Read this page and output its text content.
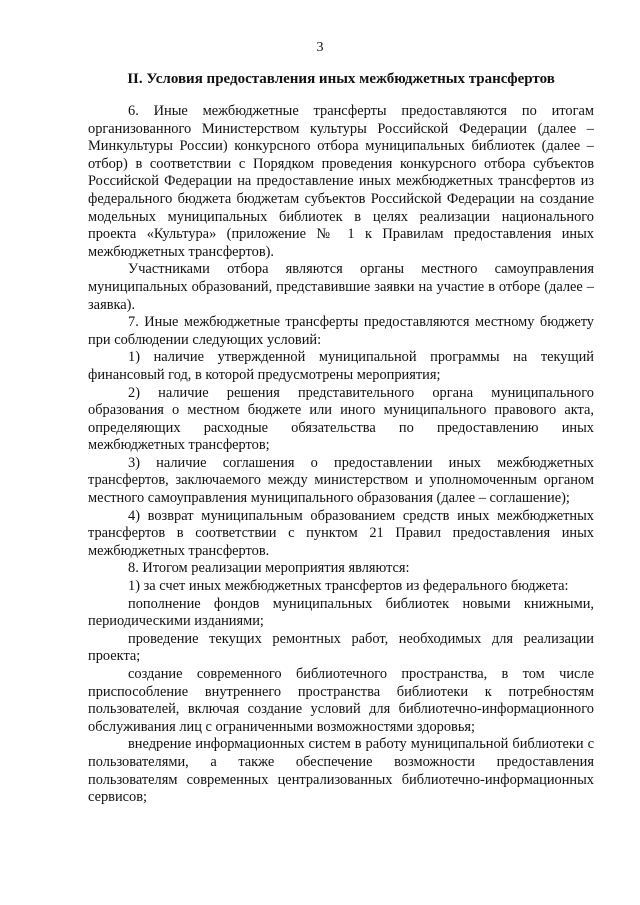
3
II. Условия предоставления иных межбюджетных трансфертов

6. Иные межбюджетные трансферты предоставляются по итогам организованного Министерством культуры Российской Федерации (далее – Минкультуры России) конкурсного отбора муниципальных библиотек (далее – отбор) в соответствии с Порядком проведения конкурсного отбора субъектов Российской Федерации на предоставление иных межбюджетных трансфертов из федерального бюджета бюджетам субъектов Российской Федерации на создание модельных муниципальных библиотек в целях реализации национального проекта «Культура» (приложение № 1 к Правилам предоставления иных межбюджетных трансфертов).

Участниками отбора являются органы местного самоуправления муниципальных образований, представившие заявки на участие в отборе (далее – заявка).

7. Иные межбюджетные трансферты предоставляются местному бюджету при соблюдении следующих условий:

1) наличие утвержденной муниципальной программы на текущий финансовый год, в которой предусмотрены мероприятия;

2) наличие решения представительного органа муниципального образования о местном бюджете или иного муниципального правового акта, определяющих расходные обязательства по предоставлению иных межбюджетных трансфертов;

3) наличие соглашения о предоставлении иных межбюджетных трансфертов, заключаемого между министерством и уполномоченным органом местного самоуправления муниципального образования (далее – соглашение);

4) возврат муниципальным образованием средств иных межбюджетных трансфертов в соответствии с пунктом 21 Правил предоставления иных межбюджетных трансфертов.

8. Итогом реализации мероприятия являются:

1) за счет иных межбюджетных трансфертов из федерального бюджета:

пополнение фондов муниципальных библиотек новыми книжными, периодическими изданиями;

проведение текущих ремонтных работ, необходимых для реализации проекта;

создание современного библиотечного пространства, в том числе приспособление внутреннего пространства библиотеки к потребностям пользователей, включая создание условий для библиотечно-информационного обслуживания лиц с ограниченными возможностями здоровья;

внедрение информационных систем в работу муниципальной библиотеки с пользователями, а также обеспечение возможности предоставления пользователям современных централизованных библиотечно-информационных сервисов;
